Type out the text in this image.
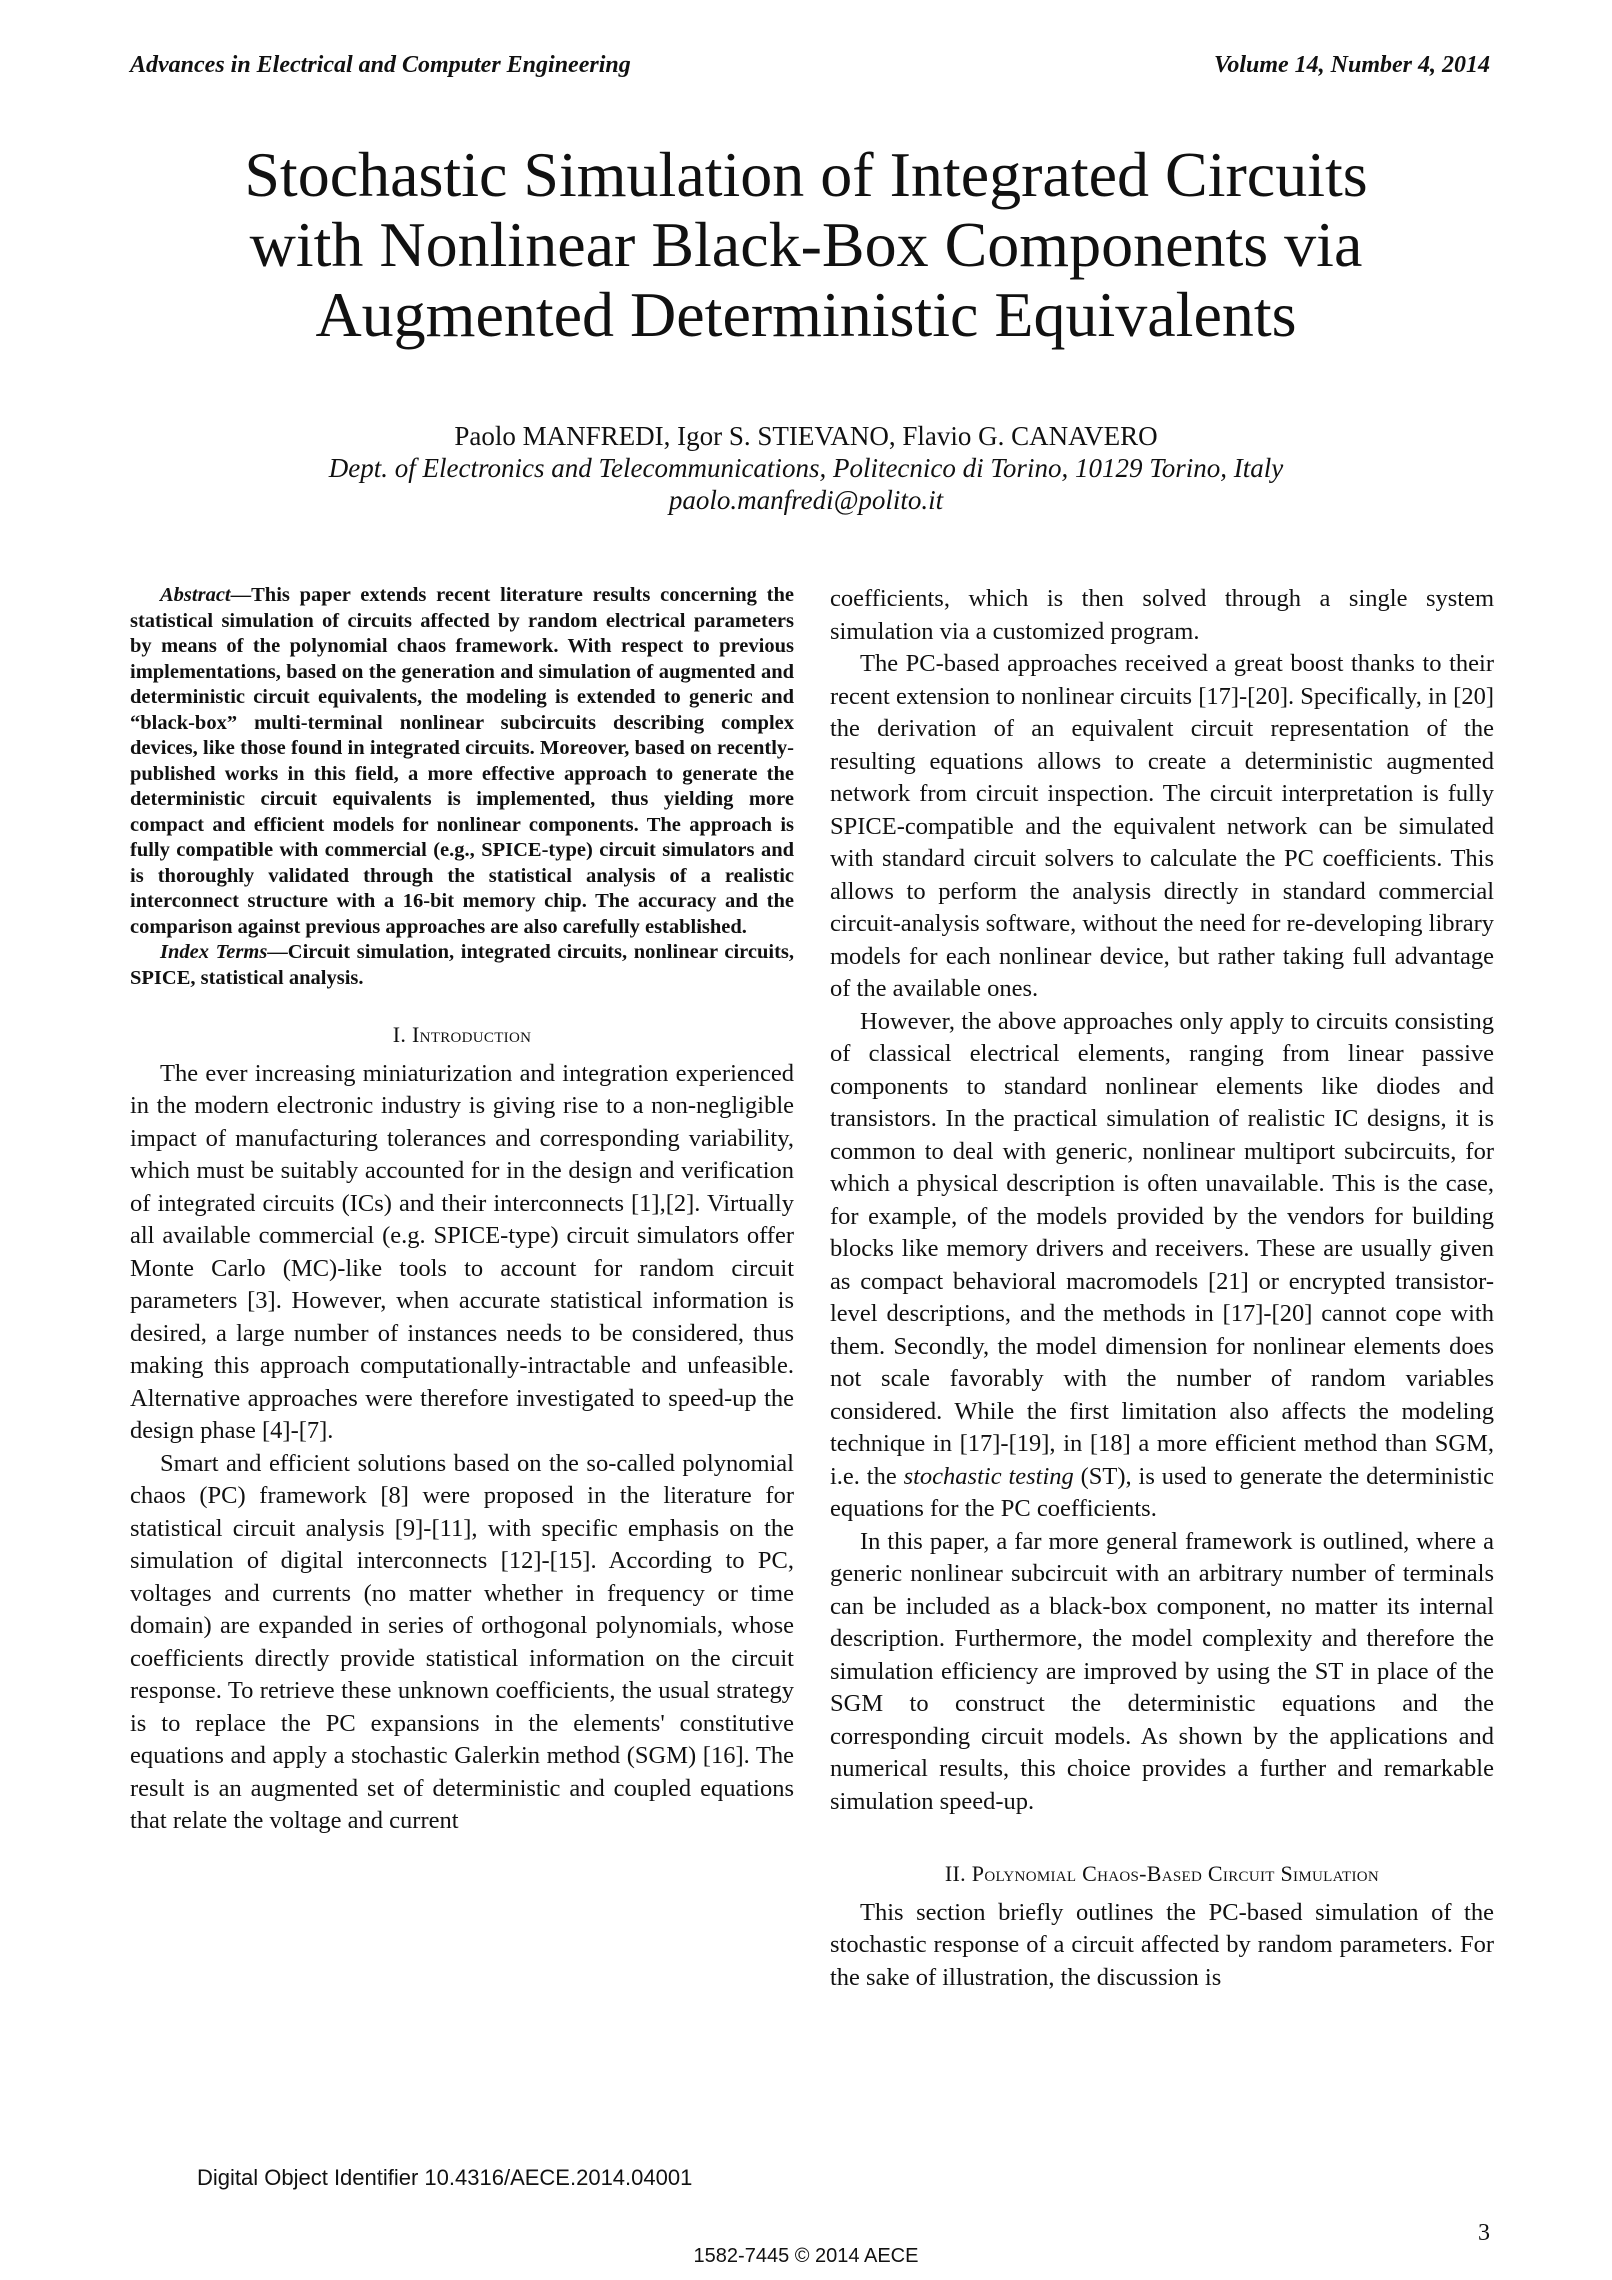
Advances in Electrical and Computer Engineering	Volume 14, Number 4, 2014
Stochastic Simulation of Integrated Circuits
with Nonlinear Black-Box Components via
Augmented Deterministic Equivalents
Paolo MANFREDI, Igor S. STIEVANO, Flavio G. CANAVERO
Dept. of Electronics and Telecommunications, Politecnico di Torino, 10129 Torino, Italy
paolo.manfredi@polito.it

Abstract—This paper extends recent literature results concerning the statistical simulation of circuits affected by random electrical parameters by means of the polynomial chaos framework. With respect to previous implementations, based on the generation and simulation of augmented and deterministic circuit equivalents, the modeling is extended to generic and “black-box” multi-terminal nonlinear subcircuits describing complex devices, like those found in integrated circuits. Moreover, based on recently-published works in this field, a more effective approach to generate the deterministic circuit equivalents is implemented, thus yielding more compact and efficient models for nonlinear components. The approach is fully compatible with commercial (e.g., SPICE-type) circuit simulators and is thoroughly validated through the statistical analysis of a realistic interconnect structure with a 16-bit memory chip. The accuracy and the comparison against previous approaches are also carefully established.

Index Terms—Circuit simulation, integrated circuits, nonlinear circuits, SPICE, statistical analysis.

I. Introduction

The ever increasing miniaturization and integration experienced in the modern electronic industry is giving rise to a non-negligible impact of manufacturing tolerances and corresponding variability, which must be suitably accounted for in the design and verification of integrated circuits (ICs) and their interconnects [1],[2]. Virtually all available commercial (e.g. SPICE-type) circuit simulators offer Monte Carlo (MC)-like tools to account for random circuit parameters [3]. However, when accurate statistical information is desired, a large number of instances needs to be considered, thus making this approach computationally-intractable and unfeasible. Alternative approaches were therefore investigated to speed-up the design phase [4]-[7].

Smart and efficient solutions based on the so-called polynomial chaos (PC) framework [8] were proposed in the literature for statistical circuit analysis [9]-[11], with specific emphasis on the simulation of digital interconnects [12]-[15]. According to PC, voltages and currents (no matter whether in frequency or time domain) are expanded in series of orthogonal polynomials, whose coefficients directly provide statistical information on the circuit response. To retrieve these unknown coefficients, the usual strategy is to replace the PC expansions in the elements' constitutive equations and apply a stochastic Galerkin method (SGM) [16]. The result is an augmented set of deterministic and coupled equations that relate the voltage and current

coefficients, which is then solved through a single system simulation via a customized program.

The PC-based approaches received a great boost thanks to their recent extension to nonlinear circuits [17]-[20]. Specifically, in [20] the derivation of an equivalent circuit representation of the resulting equations allows to create a deterministic augmented network from circuit inspection. The circuit interpretation is fully SPICE-compatible and the equivalent network can be simulated with standard circuit solvers to calculate the PC coefficients. This allows to perform the analysis directly in standard commercial circuit-analysis software, without the need for re-developing library models for each nonlinear device, but rather taking full advantage of the available ones.

However, the above approaches only apply to circuits consisting of classical electrical elements, ranging from linear passive components to standard nonlinear elements like diodes and transistors. In the practical simulation of realistic IC designs, it is common to deal with generic, nonlinear multiport subcircuits, for which a physical description is often unavailable. This is the case, for example, of the models provided by the vendors for building blocks like memory drivers and receivers. These are usually given as compact behavioral macromodels [21] or encrypted transistor-level descriptions, and the methods in [17]-[20] cannot cope with them. Secondly, the model dimension for nonlinear elements does not scale favorably with the number of random variables considered. While the first limitation also affects the modeling technique in [17]-[19], in [18] a more efficient method than SGM, i.e. the stochastic testing (ST), is used to generate the deterministic equations for the PC coefficients.

In this paper, a far more general framework is outlined, where a generic nonlinear subcircuit with an arbitrary number of terminals can be included as a black-box component, no matter its internal description. Furthermore, the model complexity and therefore the simulation efficiency are improved by using the ST in place of the SGM to construct the deterministic equations and the corresponding circuit models. As shown by the applications and numerical results, this choice provides a further and remarkable simulation speed-up.

II. Polynomial Chaos-Based Circuit Simulation

This section briefly outlines the PC-based simulation of the stochastic response of a circuit affected by random parameters. For the sake of illustration, the discussion is

Digital Object Identifier 10.4316/AECE.2014.04001
3
1582-7445 © 2014 AECE
